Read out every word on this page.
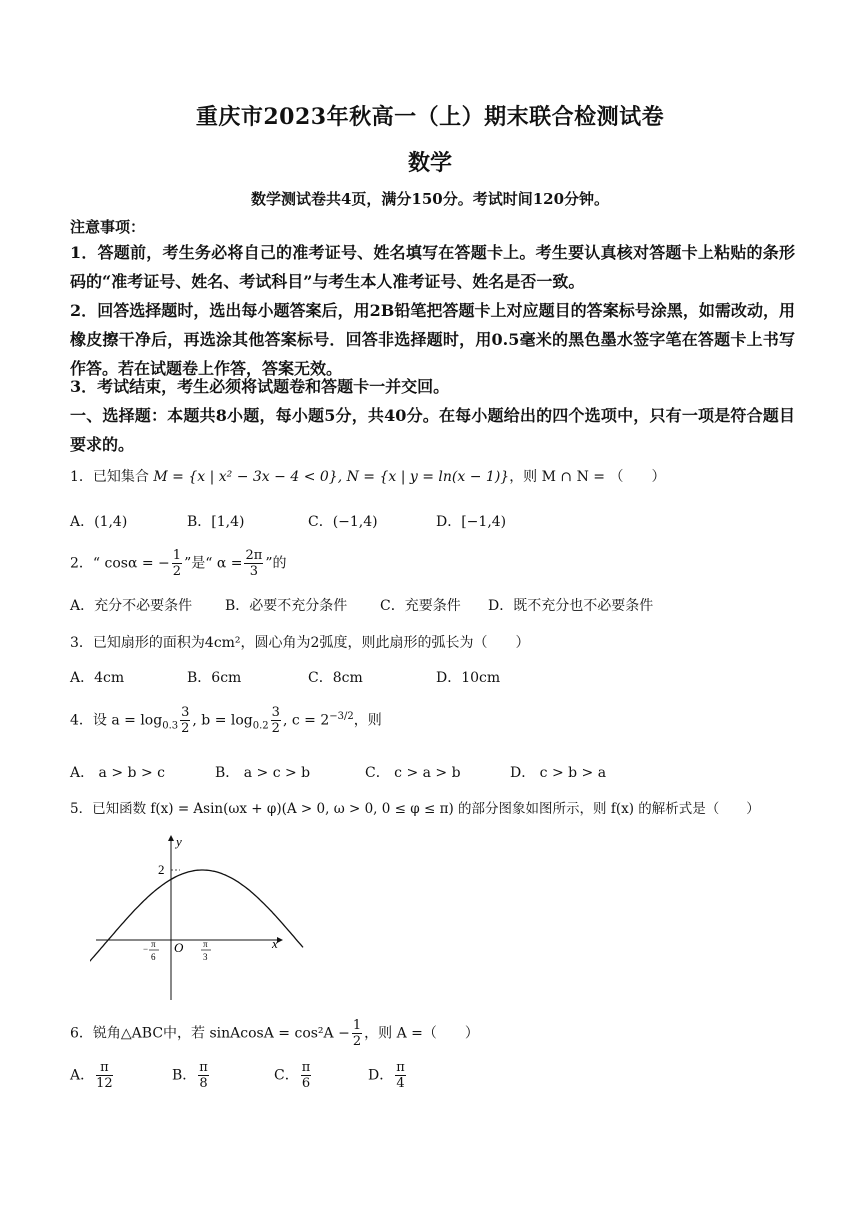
重庆市2023年秋高一（上）期末联合检测试卷
数学
数学测试卷共4页，满分150分。考试时间120分钟。
注意事项：
1．答题前，考生务必将自己的准考证号、姓名填写在答题卡上。考生要认真核对答题卡上粘贴的条形码的“准考证号、姓名、考试科目”与考生本人准考证号、姓名是否一致。
2．回答选择题时，选出每小题答案后，用2B铅笔把答题卡上对应题目的答案标号涂黑，如需改动，用橡皮擦干净后，再选涂其他答案标号．回答非选择题时，用0.5毫米的黑色墨水签字笔在答题卡上书写作答。若在试题卷上作答，答案无效。
3．考试结束，考生必须将试题卷和答题卡一并交回。
一、选择题：本题共8小题，每小题5分，共40分。在每小题给出的四个选项中，只有一项是符合题目要求的。
1．已知集合 M = {x | x² − 3x − 4 < 0}, N = {x | y = ln(x − 1)}，则 M ∩ N = （　　）
A．(1,4)	B．[1,4)	C．(−1,4)	D．[−1,4)
2．“ cosα = − $\frac{1}{2}$ ”是“ $\alpha = \frac{2\pi}{3}$ ”的
A．充分不必要条件 B．必要不充分条件 C．充要条件 D．既不充分也不必要条件
3．已知扇形的面积为4cm²，圆心角为2弧度，则此扇形的弧长为（　　）
A．4cm	B．6cm	C．8cm	D．10cm
4．设 $a = \log_{0.3} \frac{3}{2}$ , $b = \log_{0.2} \frac{3}{2}$ , $c = 2^{-3/2}$，则
A． a > b > c	B． a > c > b	C． c > a > b	D． c > b > a
5．已知函数 f(x) = Asin(ωx + φ)(A > 0, ω > 0, 0 ≤ φ ≤ π) 的部分图象如图所示，则 f(x) 的解析式是（　　）
y
x
2
O
− π
6
π
3
6．锐角△ABC中，若 sinAcosA = $\cos^2A - \frac{1}{2}$ ，则 A =（　　）
A． $\frac{\pi}{12}$	B． $\frac{\pi}{8}$	C． $\frac{\pi}{6}$	D． $\frac{\pi}{4}$
